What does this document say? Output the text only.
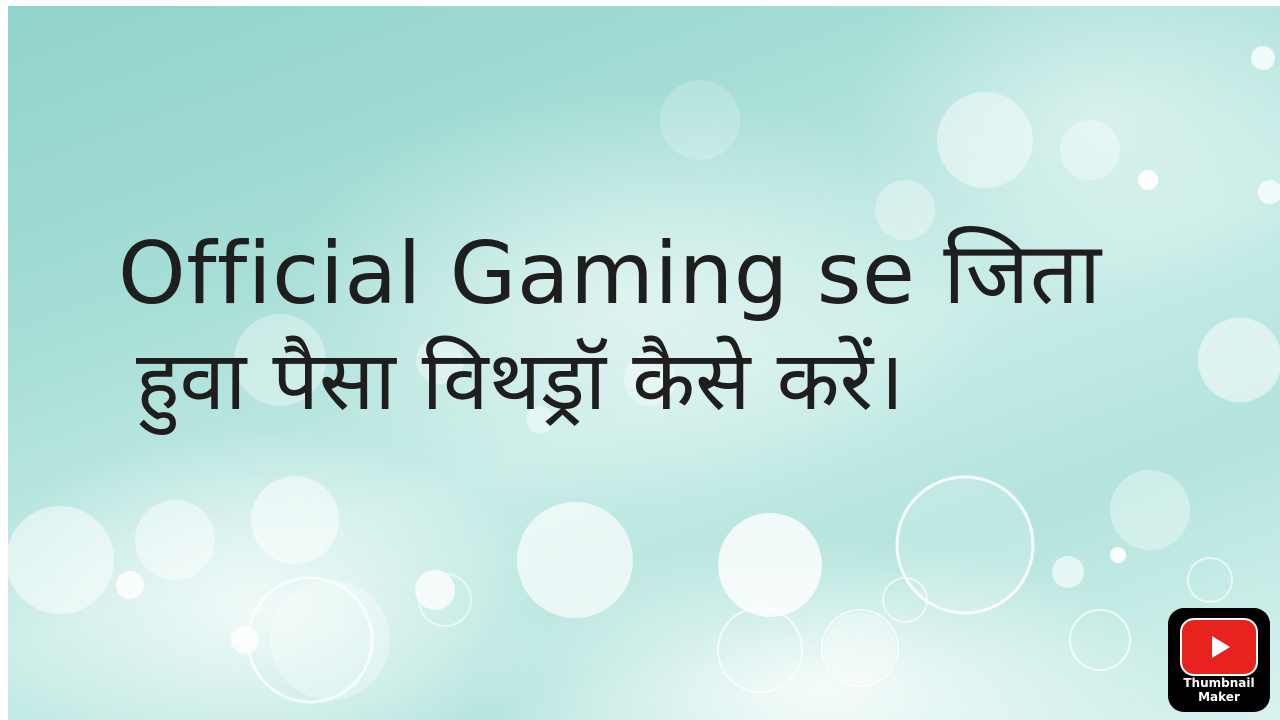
Official Gaming se जिता
हुवा पैसा विथड्रॉ कैसे करें।
Thumbnail
Maker
